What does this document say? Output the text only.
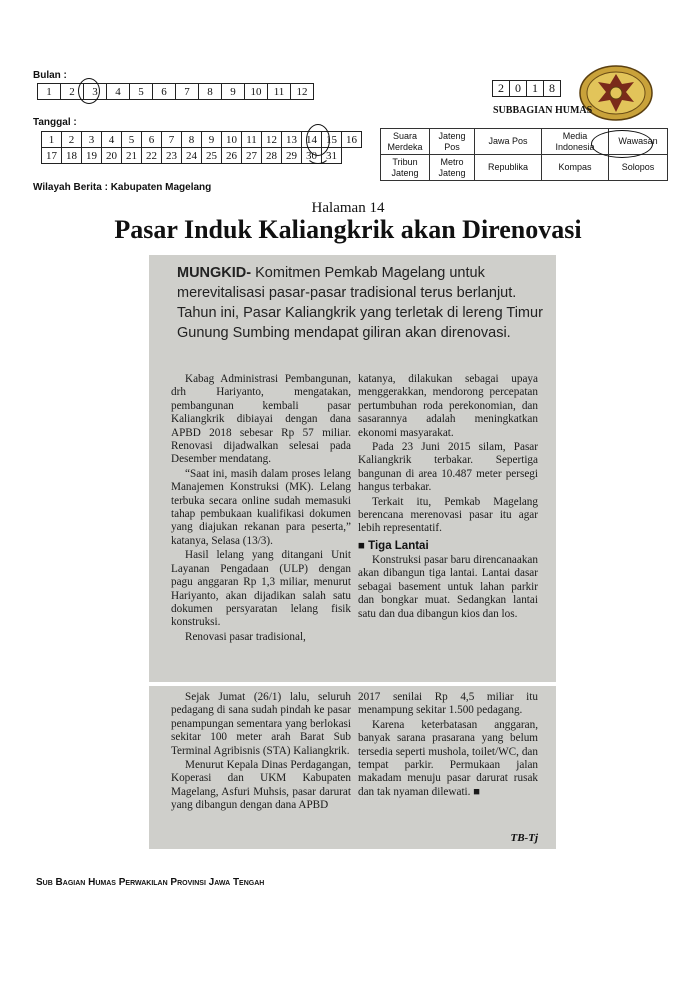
Bulan :
1	2	3	4	5	6	7	8	9	10	11	12
Tanggal :
1	2	3	4	5	6	7	8	9	10	11	12	13	14	15	16
17	18	19	20	21	22	23	24	25	26	27	28	29	30	31	
Wilayah Berita : Kabupaten Magelang
2	0	1	8
SUBBAGIAN HUMAS
Suara Merdeka	Jateng Pos	Jawa Pos	Media Indonesia	Wawasan
Tribun Jateng	Metro Jateng	Republika	Kompas	Solopos
Halaman 14
Pasar Induk Kaliangkrik akan Direnovasi
MUNGKID- Komitmen Pemkab Magelang untuk merevitalisasi pasar-pasar tradisional terus berlanjut. Tahun ini, Pasar Kaliangkrik yang terletak di lereng Timur Gunung Sumbing mendapat giliran akan direnovasi.

Kabag Administrasi Pembangunan, drh Hariyanto, mengatakan, pembangunan kembali pasar Kaliangkrik dibiayai dengan dana APBD 2018 sebesar Rp 57 miliar. Renovasi dijadwalkan selesai pada Desember mendatang.

“Saat ini, masih dalam proses lelang Manajemen Konstruksi (MK). Lelang terbuka secara online sudah memasuki tahap pembukaan kualifikasi dokumen yang diajukan rekanan para peserta,” katanya, Selasa (13/3).

Hasil lelang yang ditangani Unit Layanan Pengadaan (ULP) dengan pagu anggaran Rp 1,3 miliar, menurut Hariyanto, akan dijadikan salah satu dokumen persyaratan lelang fisik konstruksi.

Renovasi pasar tradisional,

katanya, dilakukan sebagai upaya menggerakkan, mendorong percepatan pertumbuhan roda perekonomian, dan sasarannya adalah meningkatkan ekonomi masyarakat.

Pada 23 Juni 2015 silam, Pasar Kaliangkrik terbakar. Sepertiga bangunan di area 10.487 meter persegi hangus terbakar.

Terkait itu, Pemkab Magelang berencana merenovasi pasar itu agar lebih representatif.

■ Tiga Lantai

Konstruksi pasar baru direncanaakan akan dibangun tiga lantai. Lantai dasar sebagai basement untuk lahan parkir dan bongkar muat. Sedangkan lantai satu dan dua dibangun kios dan los.

Sejak Jumat (26/1) lalu, seluruh pedagang di sana sudah pindah ke pasar penampungan sementara yang berlokasi sekitar 100 meter arah Barat Sub Terminal Agribisnis (STA) Kaliangkrik.

Menurut Kepala Dinas Perdagangan, Koperasi dan UKM Kabupaten Magelang, Asfuri Muhsis, pasar darurat yang dibangun dengan dana APBD

2017 senilai Rp 4,5 miliar itu menampung sekitar 1.500 pedagang.

Karena keterbatasan anggaran, banyak sarana prasarana yang belum tersedia seperti mushola, toilet/WC, dan tempat parkir. Permukaan jalan makadam menuju pasar darurat rusak dan tak nyaman dilewati. ■

TB-Tj
Sub Bagian Humas Perwakilan Provinsi Jawa Tengah
